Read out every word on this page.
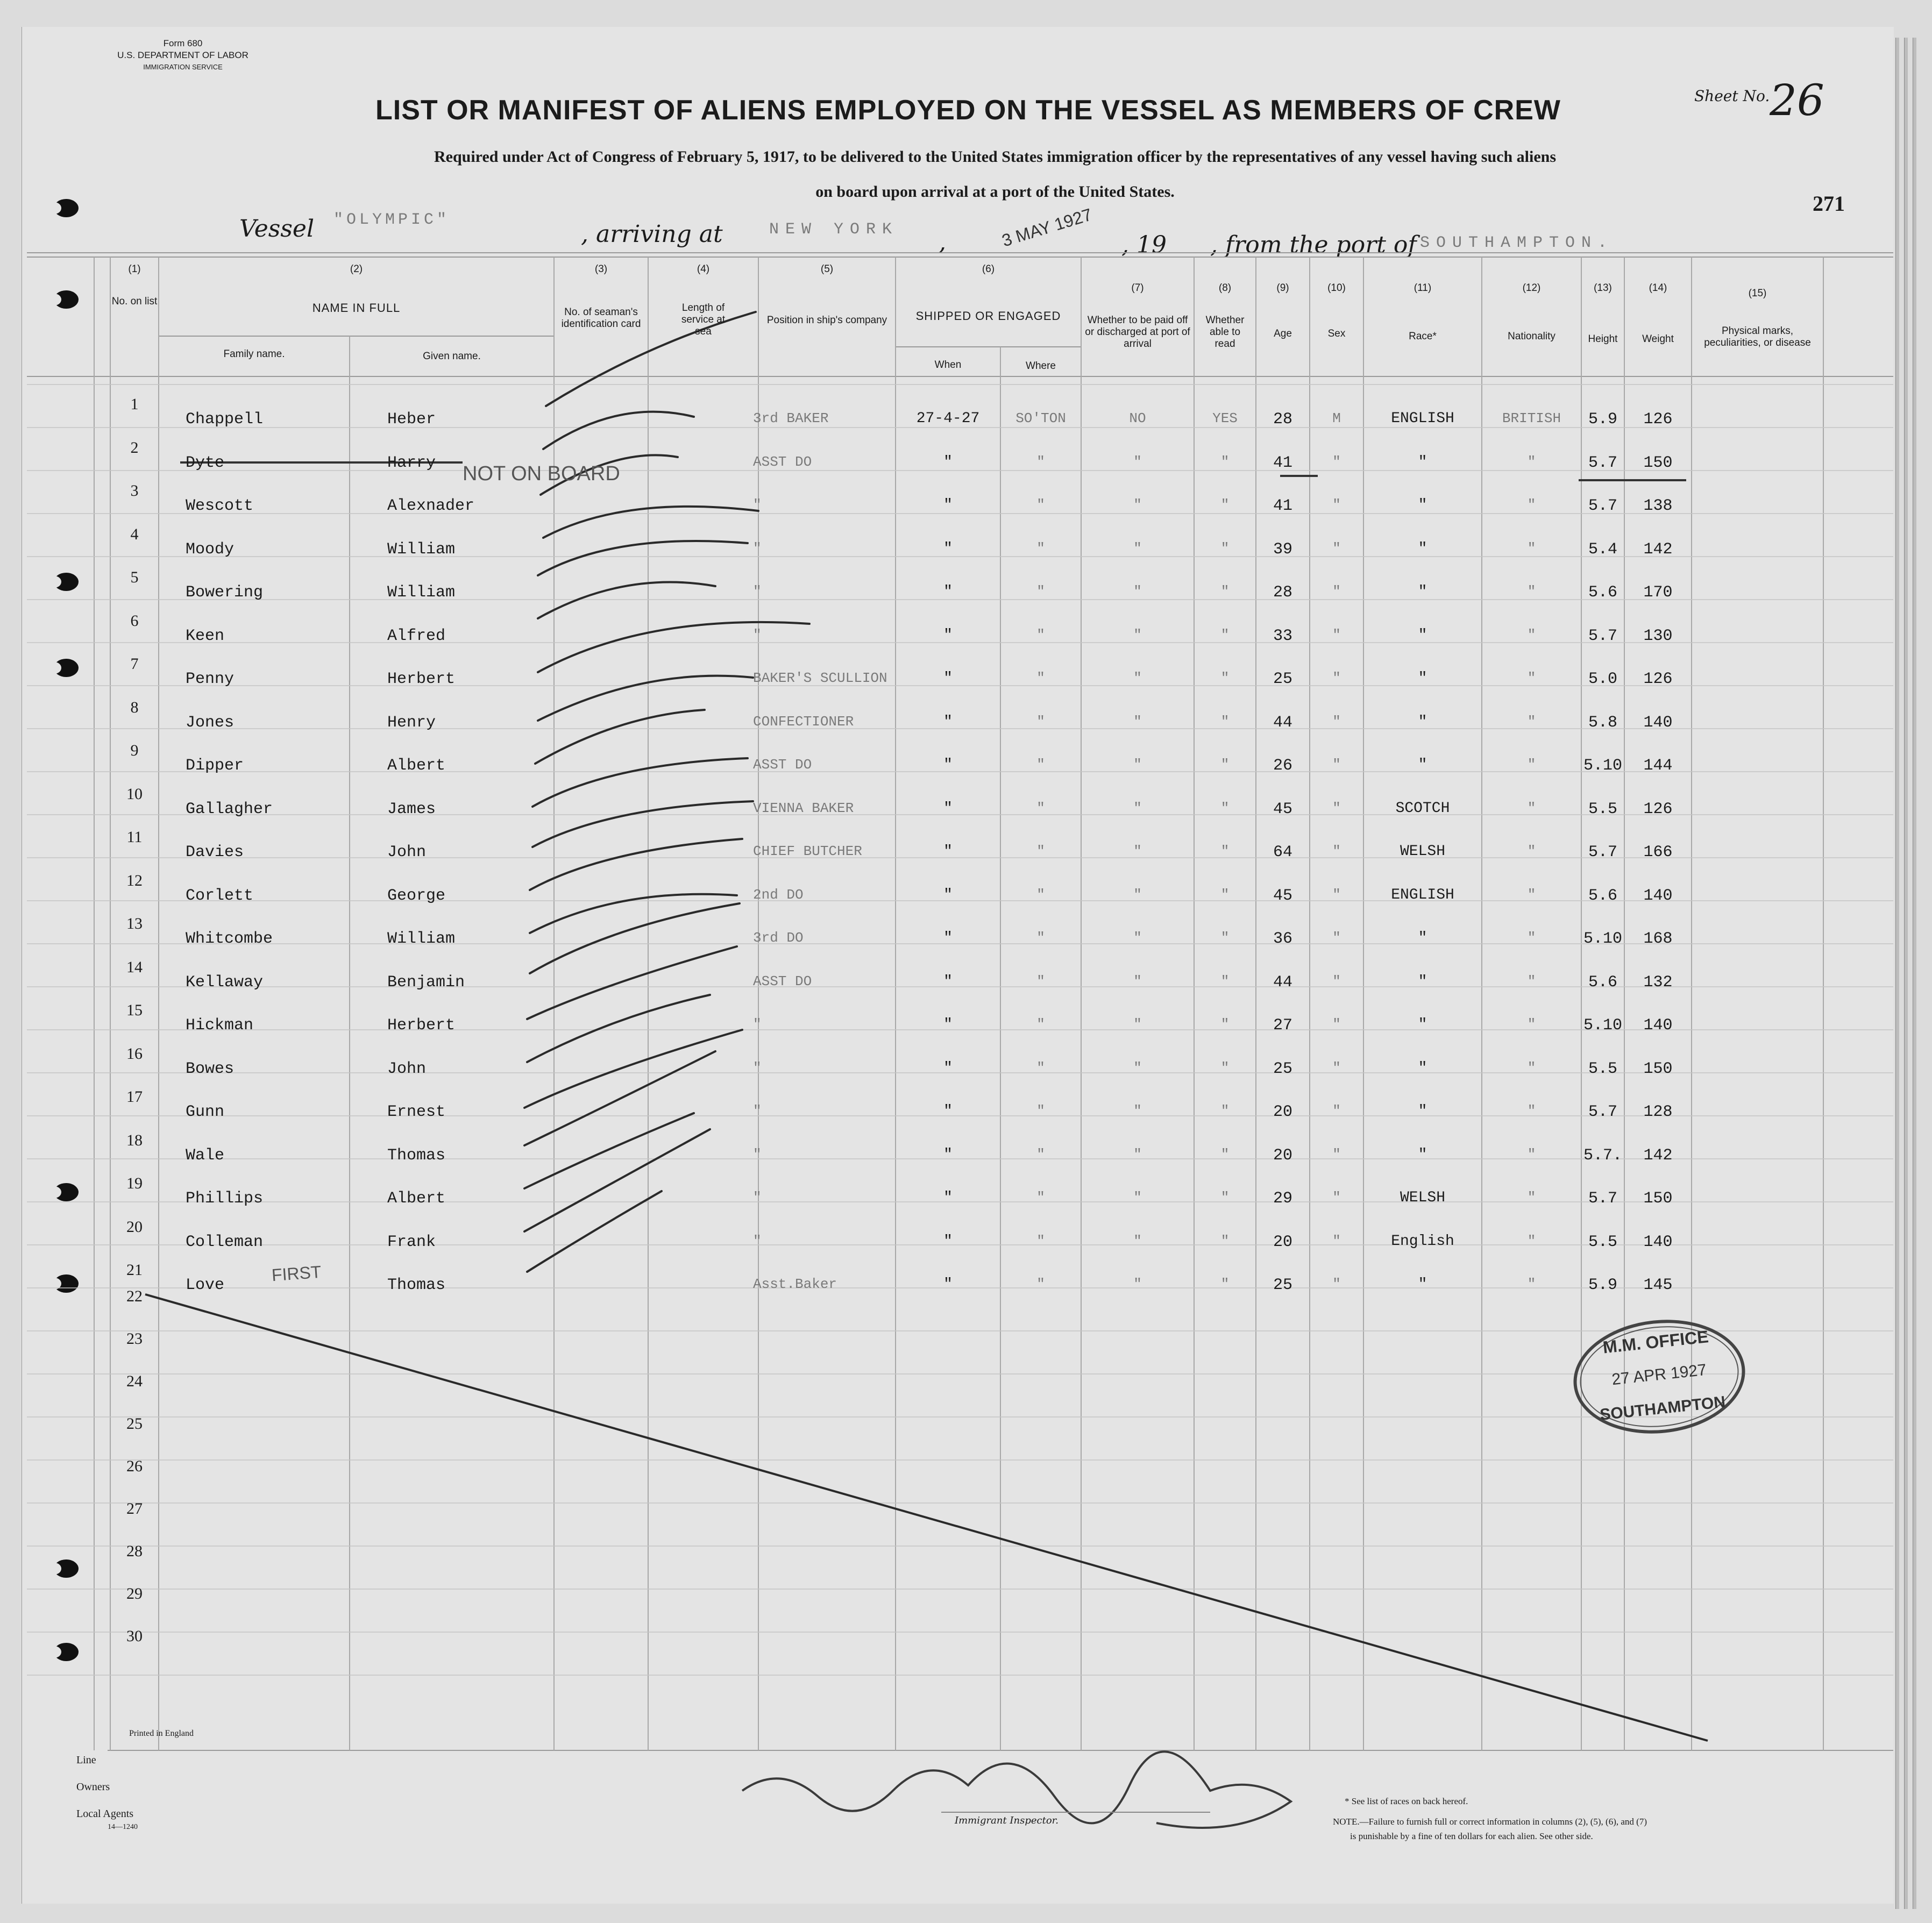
Form 680
U.S. DEPARTMENT OF LABOR
IMMIGRATION SERVICE
LIST OR MANIFEST OF ALIENS EMPLOYED ON THE VESSEL AS MEMBERS OF CREW
Required under Act of Congress of February 5, 1917, to be delivered to the United States immigration officer by the representatives of any vessel having such aliens
on board upon arrival at a port of the United States.
Sheet No. 26
271
Vessel "OLYMPIC"
, arriving at	NEW YORK ,	3 MAY 1927 , 19 , from the port of SOUTHAMPTON.
(1)
No. on list
(2)
NAME IN FULL
Family name.	Given name.
(3)
No. of seaman's identification card
(4)
Length of service at sea
(5)
Position in ship's company
(6)
SHIPPED OR ENGAGED
When	Where
(7)
Whether to be paid off or discharged at port of arrival
(8)
Whether able to read
(9)
Age
(10)
Sex
(11)
Race*
(12)
Nationality
(13)
Height
(14)
Weight
(15)
Physical marks, peculiarities, or disease
1
Chappell	Heber	3rd BAKER	27-4-27	SO'TON	NO	YES	28	M	ENGLISH	BRITISH	5.9	126
2
Dyte	Harry	ASST DO	"	"	"	"	41	"	"	"	5.7	150
3
Wescott	Alexnader	"	"	"	"	"	41	"	"	"	5.7	138
4
Moody	William	"	"	"	"	"	39	"	"	"	5.4	142
5
Bowering	William	"	"	"	"	"	28	"	"	"	5.6	170
6
Keen	Alfred	"	"	"	"	"	33	"	"	"	5.7	130
7
Penny	Herbert	BAKER'S SCULLION	"	"	"	"	25	"	"	"	5.0	126
8
Jones	Henry	CONFECTIONER	"	"	"	"	44	"	"	"	5.8	140
9
Dipper	Albert	ASST DO	"	"	"	"	26	"	"	"	5.10	144
10
Gallagher	James	VIENNA BAKER	"	"	"	"	45	"	SCOTCH	"	5.5	126
11
Davies	John	CHIEF BUTCHER	"	"	"	"	64	"	WELSH	"	5.7	166
12
Corlett	George	2nd DO	"	"	"	"	45	"	ENGLISH	"	5.6	140
13
Whitcombe	William	3rd DO	"	"	"	"	36	"	"	"	5.10	168
14
Kellaway	Benjamin	ASST DO	"	"	"	"	44	"	"	"	5.6	132
15
Hickman	Herbert	"	"	"	"	"	27	"	"	"	5.10	140
16
Bowes	John	"	"	"	"	"	25	"	"	"	5.5	150
17
Gunn	Ernest	"	"	"	"	"	20	"	"	"	5.7	128
18
Wale	Thomas	"	"	"	"	"	20	"	"	"	5.7.	142
19
Phillips	Albert	"	"	"	"	"	29	"	WELSH	"	5.7	150
20
Colleman	Frank	"	"	"	"	"	20	"	English	"	5.5	140
21
Love	Thomas	Asst.Baker	"	"	"	"	25	"	"	"	5.9	145
22
23
24
25
26
27
28
29
30
NOT ON BOARD
FIRST
M.M. OFFICE
27 APR 1927
SOUTHAMPTON
Printed in England
Line
Owners
Local Agents
14—1240
Immigrant Inspector.
* See list of races on back hereof.
NOTE.—Failure to furnish full or correct information in columns (2), (5), (6), and (7)
is punishable by a fine of ten dollars for each alien. See other side.
